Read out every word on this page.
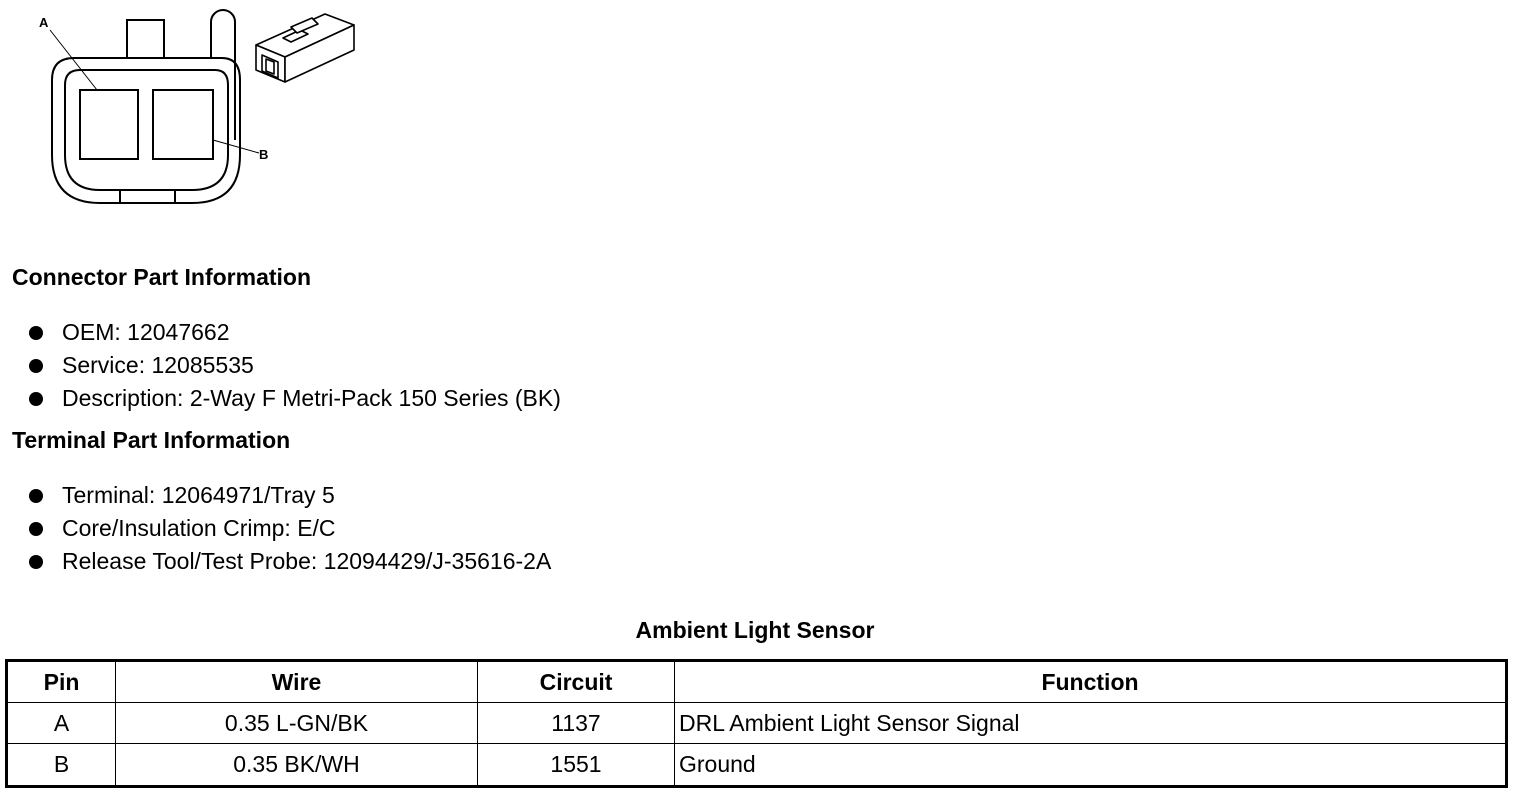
A
B
Connector Part Information
OEM: 12047662
Service: 12085535
Description: 2-Way F Metri-Pack 150 Series (BK)
Terminal Part Information
Terminal: 12064971/Tray 5
Core/Insulation Crimp: E/C
Release Tool/Test Probe: 12094429/J-35616-2A
Ambient Light Sensor
Pin	Wire	Circuit	Function
A	0.35 L-GN/BK	1137	DRL Ambient Light Sensor Signal
B	0.35 BK/WH	1551	Ground
